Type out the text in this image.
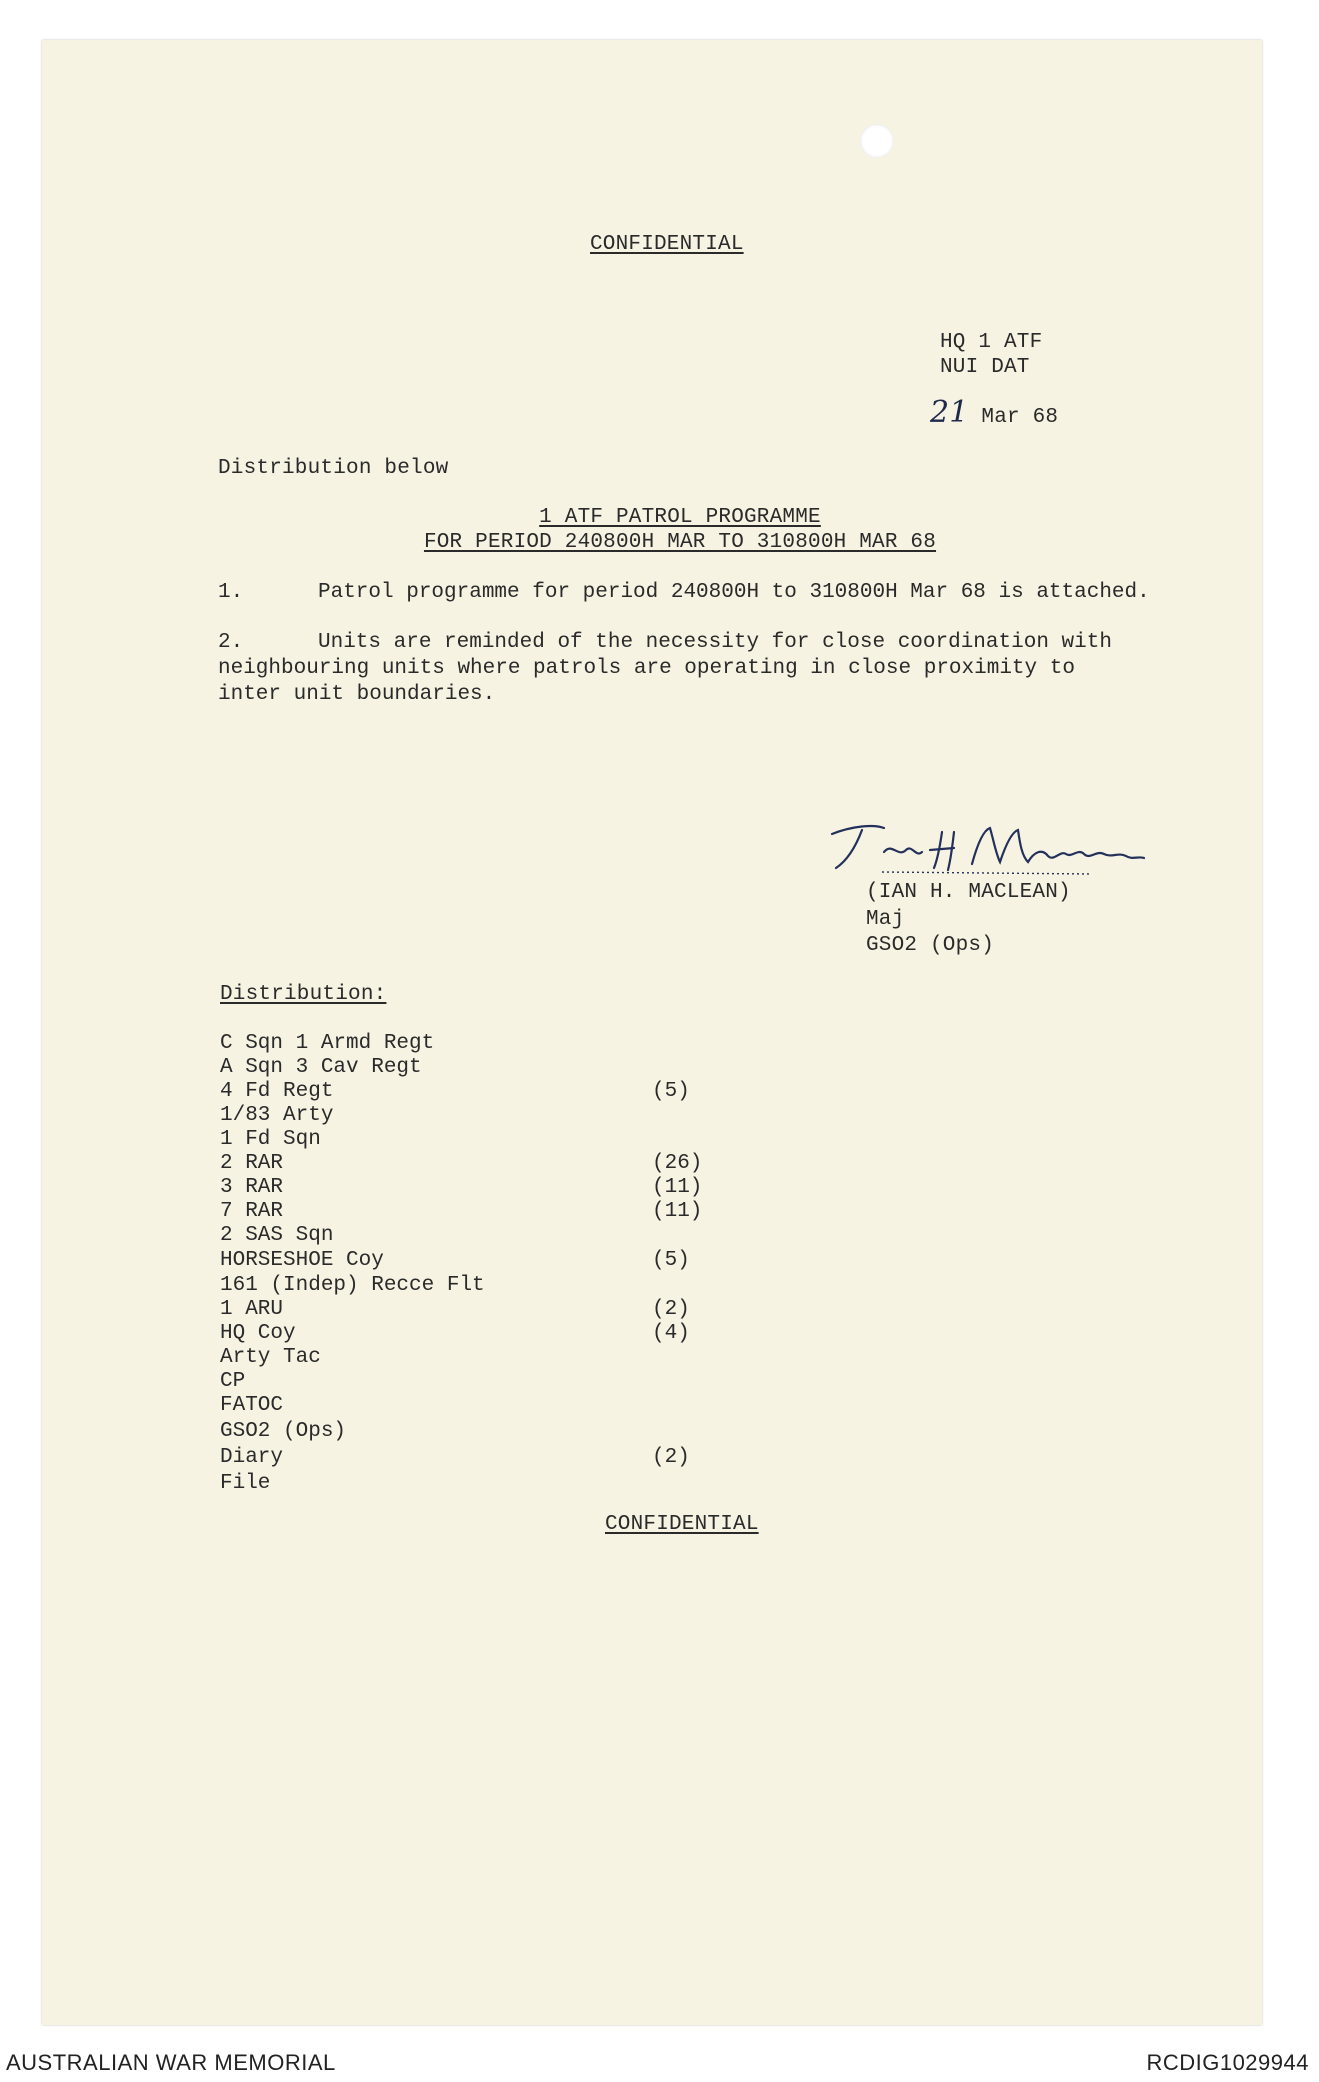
CONFIDENTIAL
HQ 1 ATF
NUI DAT
21 Mar 68
Distribution below
1 ATF PATROL PROGRAMME
FOR PERIOD 240800H MAR TO 310800H MAR 68
1.	Patrol programme for period 240800H to 310800H Mar 68 is attached.
2.	Units are reminded of the necessity for close coordination with
neighbouring units where patrols are operating in close proximity to
inter unit boundaries.
(IAN H. MACLEAN)
Maj
GSO2 (Ops)
Distribution:
C Sqn 1 Armd Regt
A Sqn 3 Cav Regt
4 Fd Regt	(5)
1/83 Arty
1 Fd Sqn
2 RAR	(26)
3 RAR	(11)
7 RAR	(11)
2 SAS Sqn
HORSESHOE Coy	(5)
161 (Indep) Recce Flt
1 ARU	(2)
HQ Coy	(4)
Arty Tac
CP
FATOC
GSO2 (Ops)
Diary	(2)
File
CONFIDENTIAL
AUSTRALIAN WAR MEMORIAL	RCDIG1029944
